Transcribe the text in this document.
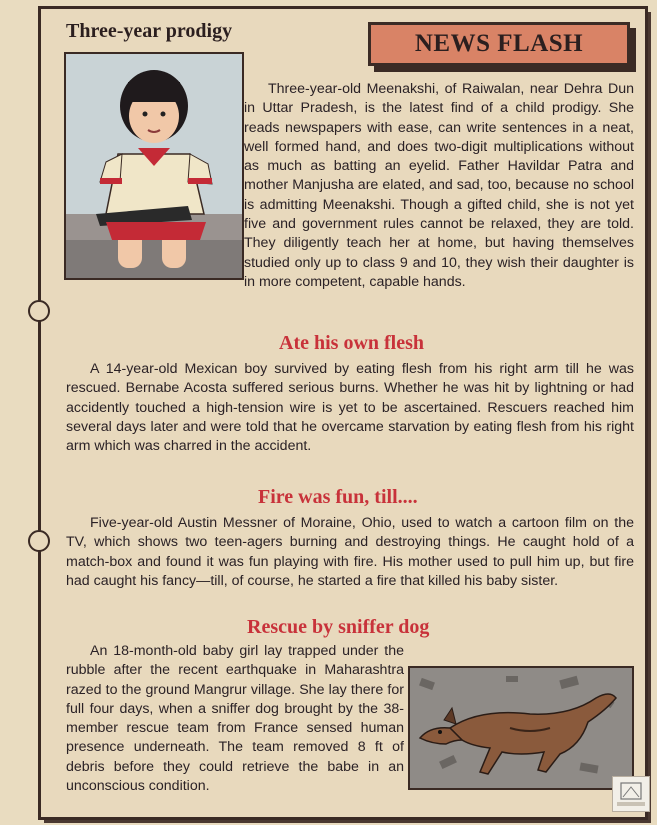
NEWS FLASH
Three-year prodigy

Three-year-old Meenakshi, of Raiwalan, near Dehra Dun in Uttar Pradesh, is the latest find of a child prodigy. She reads newspapers with ease, can write sentences in a neat, well formed hand, and does two-digit multiplications without as much as batting an eyelid. Father Havildar Patra and mother Manjusha are elated, and sad, too, because no school is admitting Meenakshi. Though a gifted child, she is not yet five and government rules cannot be relaxed, they are told. They diligently teach her at home, but having themselves studied only up to class 9 and 10, they wish their daughter is in more competent, capable hands.

Ate his own flesh

A 14-year-old Mexican boy survived by eating flesh from his right arm till he was rescued. Bernabe Acosta suffered serious burns. Whether he was hit by lightning or had accidently touched a high-tension wire is yet to be ascertained. Rescuers reached him several days later and were told that he overcame starvation by eating flesh from his right arm which was charred in the accident.

Fire was fun, till....

Five-year-old Austin Messner of Moraine, Ohio, used to watch a cartoon film on the TV, which shows two teen-agers burning and destroying things. He caught hold of a match-box and found it was fun playing with fire. His mother used to pull him up, but fire had caught his fancy—till, of course, he started a fire that killed his baby sister.

Rescue by sniffer dog

An 18-month-old baby girl lay trapped under the rubble after the recent earthquake in Maharashtra razed to the ground Mangrur village. She lay there for full four days, when a sniffer dog brought by the 38-member rescue team from France sensed human presence underneath. The team removed 8 ft of debris before they could retrieve the babe in an unconscious condition.
